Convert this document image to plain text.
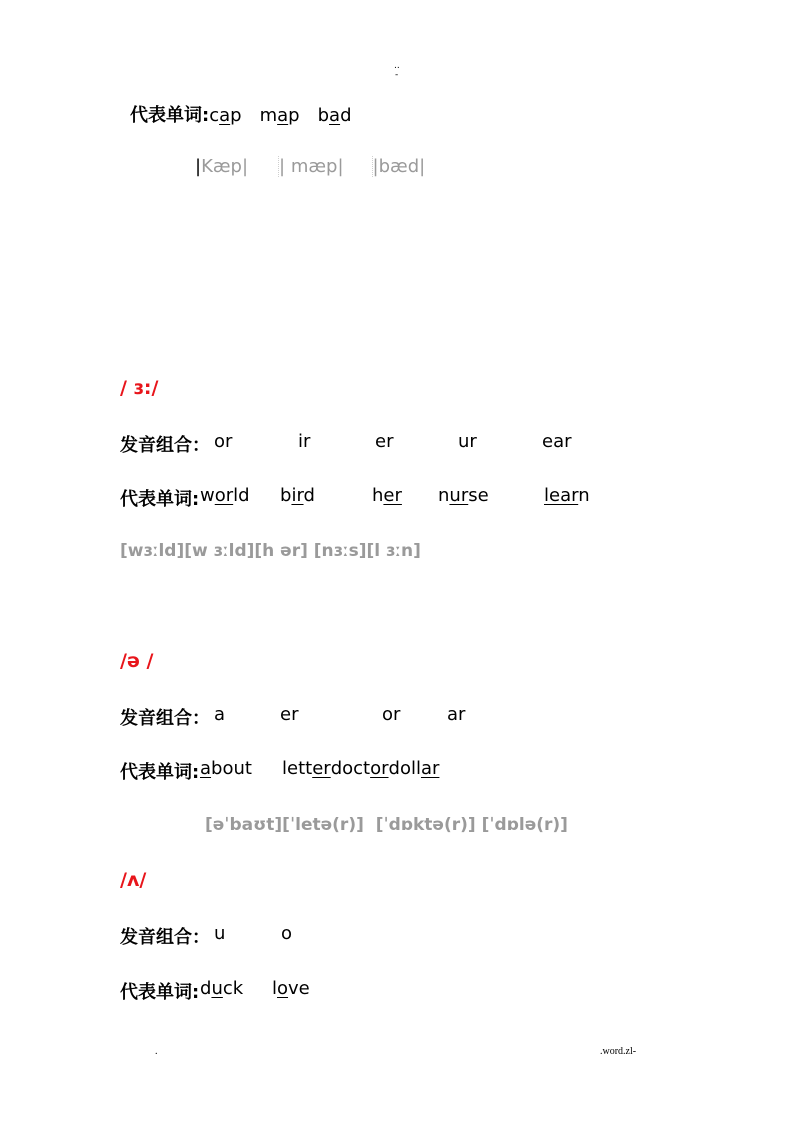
..
-
代表单词: cap map bad
| Kæp| | mæp| |bæd|
/ ɜ:/
发音组合： or	ir	er	ur	ear
代表单词: world bird	her nurse	learn
[wɜːld][w ɜːld][h ər] [nɜːs][l ɜːn]
/ə /
发音组合： a	er	or	ar
代表单词: about letter doctor dollar
[əˈbaʊt][ˈletə(r)]  [ˈdɒktə(r)] [ˈdɒlə(r)]
/ʌ/
发音组合： u	o
代表单词: duck love
.	.word.zl-
